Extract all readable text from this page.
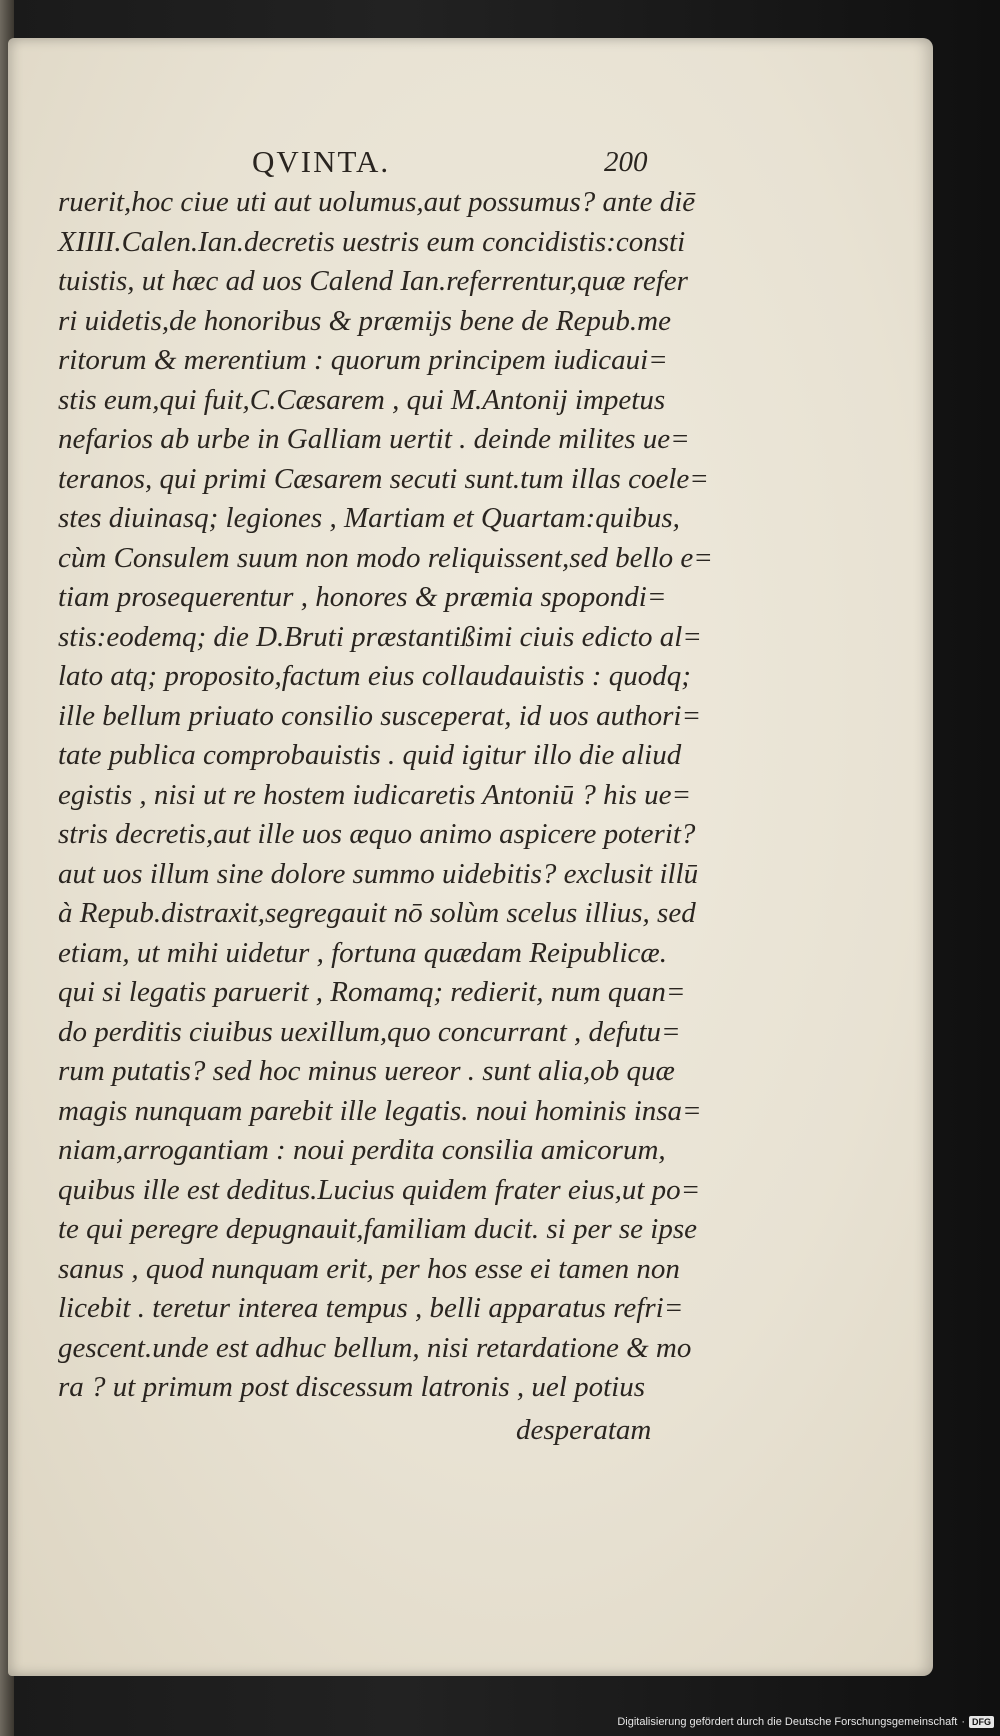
QVINTA.	200
ruerit,hoc ciue uti aut uolumus,aut possumus? ante diē
XIIII.Calen.Ian.decretis uestris eum concidistis:consti
tuistis, ut hæc ad uos Calend Ian.referrentur,quæ refer
ri uidetis,de honoribus & præmijs bene de Repub.me
ritorum & merentium : quorum principem iudicaui=
stis eum,qui fuit,C.Cæsarem , qui M.Antonij impetus
nefarios ab urbe in Galliam uertit . deinde milites ue=
teranos, qui primi Cæsarem secuti sunt.tum illas coele=
stes diuinasq; legiones , Martiam et Quartam:quibus,
cùm Consulem suum non modo reliquissent,sed bello e=
tiam prosequerentur , honores & præmia spopondi=
stis:eodemq; die D.Bruti præstantißimi ciuis edicto al=
lato atq; proposito,factum eius collaudauistis : quodq;
ille bellum priuato consilio susceperat, id uos authori=
tate publica comprobauistis . quid igitur illo die aliud
egistis , nisi ut re hostem iudicaretis Antoniū ? his ue=
stris decretis,aut ille uos æquo animo aspicere poterit?
aut uos illum sine dolore summo uidebitis? exclusit illū
à Repub.distraxit,segregauit nō solùm scelus illius, sed
etiam, ut mihi uidetur , fortuna quædam Reipublicæ.
qui si legatis paruerit , Romamq; redierit, num quan=
do perditis ciuibus uexillum,quo concurrant , defutu=
rum putatis? sed hoc minus uereor . sunt alia,ob quæ
magis nunquam parebit ille legatis. noui hominis insa=
niam,arrogantiam : noui perdita consilia amicorum,
quibus ille est deditus.Lucius quidem frater eius,ut po=
te qui peregre depugnauit,familiam ducit. si per se ipse
sanus , quod nunquam erit, per hos esse ei tamen non
licebit . teretur interea tempus , belli apparatus refri=
gescent.unde est adhuc bellum, nisi retardatione & mo
ra ? ut primum post discessum latronis , uel potius
desperatam
Digitalisierung gefördert durch die Deutsche Forschungsgemeinschaft · DFG
